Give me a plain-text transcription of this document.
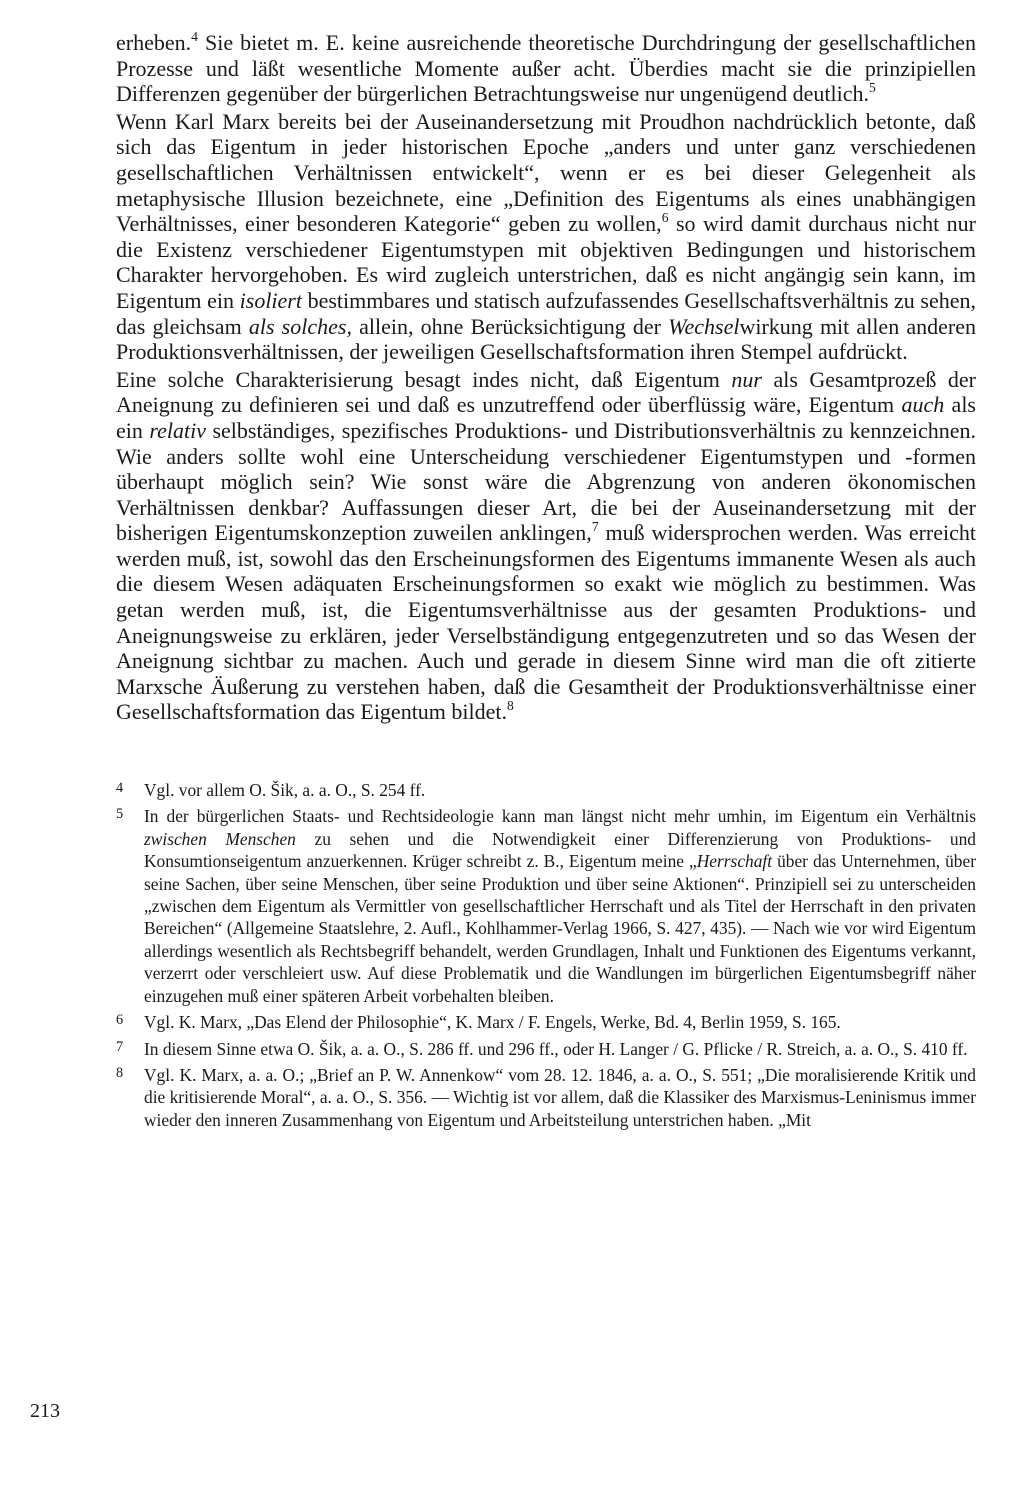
erheben.$^4$ Sie bietet m. E. keine ausreichende theoretische Durchdringung der gesellschaftlichen Prozesse und läßt wesentliche Momente außer acht. Überdies macht sie die prinzipiellen Differenzen gegenüber der bürgerlichen Betrachtungsweise nur ungenügend deutlich.$^5$

Wenn Karl Marx bereits bei der Auseinandersetzung mit Proudhon nachdrücklich betonte, daß sich das Eigentum in jeder historischen Epoche „anders und unter ganz verschiedenen gesellschaftlichen Verhältnissen entwickelt“, wenn er es bei dieser Gelegenheit als metaphysische Illusion bezeichnete, eine „Definition des Eigentums als eines unabhängigen Verhältnisses, einer besonderen Kategorie“ geben zu wollen,$^6$ so wird damit durchaus nicht nur die Existenz verschiedener Eigentumstypen mit objektiven Bedingungen und historischem Charakter hervorgehoben. Es wird zugleich unterstrichen, daß es nicht angängig sein kann, im Eigentum ein isoliert bestimmbares und statisch aufzufassendes Gesellschaftsverhältnis zu sehen, das gleichsam als solches, allein, ohne Berücksichtigung der Wechselwirkung mit allen anderen Produktionsverhältnissen, der jeweiligen Gesellschaftsformation ihren Stempel aufdrückt.

Eine solche Charakterisierung besagt indes nicht, daß Eigentum nur als Gesamtprozeß der Aneignung zu definieren sei und daß es unzutreffend oder überflüssig wäre, Eigentum auch als ein relativ selbständiges, spezifisches Produktions- und Distributionsverhältnis zu kennzeichnen. Wie anders sollte wohl eine Unterscheidung verschiedener Eigentumstypen und -formen überhaupt möglich sein? Wie sonst wäre die Abgrenzung von anderen ökonomischen Verhältnissen denkbar? Auffassungen dieser Art, die bei der Auseinandersetzung mit der bisherigen Eigentumskonzeption zuweilen anklingen,$^7$ muß widersprochen werden. Was erreicht werden muß, ist, sowohl das den Erscheinungsformen des Eigentums immanente Wesen als auch die diesem Wesen adäquaten Erscheinungsformen so exakt wie möglich zu bestimmen. Was getan werden muß, ist, die Eigentumsverhältnisse aus der gesamten Produktions- und Aneignungsweise zu erklären, jeder Verselbständigung entgegenzutreten und so das Wesen der Aneignung sichtbar zu machen. Auch und gerade in diesem Sinne wird man die oft zitierte Marxsche Äußerung zu verstehen haben, daß die Gesamtheit der Produktionsverhältnisse einer Gesellschaftsformation das Eigentum bildet.$^8$

4 Vgl. vor allem O. Šik, a. a. O., S. 254 ff.
5 In der bürgerlichen Staats- und Rechtsideologie kann man längst nicht mehr umhin, im Eigentum ein Verhältnis zwischen Menschen zu sehen und die Notwendigkeit einer Differenzierung von Produktions- und Konsumtionseigentum anzuerkennen. Krüger schreibt z. B., Eigentum meine „Herrschaft über das Unternehmen, über seine Sachen, über seine Menschen, über seine Produktion und über seine Aktionen“. Prinzipiell sei zu unterscheiden „zwischen dem Eigentum als Vermittler von gesellschaftlicher Herrschaft und als Titel der Herrschaft in den privaten Bereichen“ (Allgemeine Staatslehre, 2. Aufl., Kohlhammer-Verlag 1966, S. 427, 435). — Nach wie vor wird Eigentum allerdings wesentlich als Rechtsbegriff behandelt, werden Grundlagen, Inhalt und Funktionen des Eigentums verkannt, verzerrt oder verschleiert usw. Auf diese Problematik und die Wandlungen im bürgerlichen Eigentumsbegriff näher einzugehen muß einer späteren Arbeit vorbehalten bleiben.
6 Vgl. K. Marx, „Das Elend der Philosophie“, K. Marx / F. Engels, Werke, Bd. 4, Berlin 1959, S. 165.
7 In diesem Sinne etwa O. Šik, a. a. O., S. 286 ff. und 296 ff., oder H. Langer / G. Pflicke / R. Streich, a. a. O., S. 410 ff.
8 Vgl. K. Marx, a. a. O.; „Brief an P. W. Annenkow“ vom 28. 12. 1846, a. a. O., S. 551; „Die moralisierende Kritik und die kritisierende Moral“, a. a. O., S. 356. — Wichtig ist vor allem, daß die Klassiker des Marxismus-Leninismus immer wieder den inneren Zusammenhang von Eigentum und Arbeitsteilung unterstrichen haben. „Mit
213
